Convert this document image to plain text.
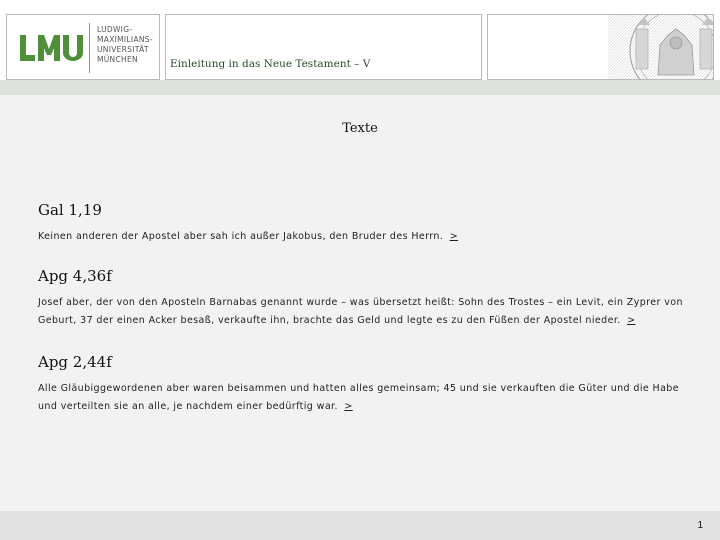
LUDWIG-
MAXIMILIANS-
UNIVERSITÄT
MÜNCHEN	Einleitung in das Neue Testament – V
Texte
Gal 1,19
Keinen anderen der Apostel aber sah ich außer Jakobus, den Bruder des Herrn. >
Apg 4,36f
Josef aber, der von den Aposteln Barnabas genannt wurde – was übersetzt heißt: Sohn des Trostes – ein Levit, ein Zyprer von Geburt, 37 der einen Acker besaß, verkaufte ihn, brachte das Geld und legte es zu den Füßen der Apostel nieder. >
Apg 2,44f
Alle Gläubiggewordenen aber waren beisammen und hatten alles gemeinsam; 45 und sie verkauften die Güter und die Habe und verteilten sie an alle, je nachdem einer bedürftig war. >
1
